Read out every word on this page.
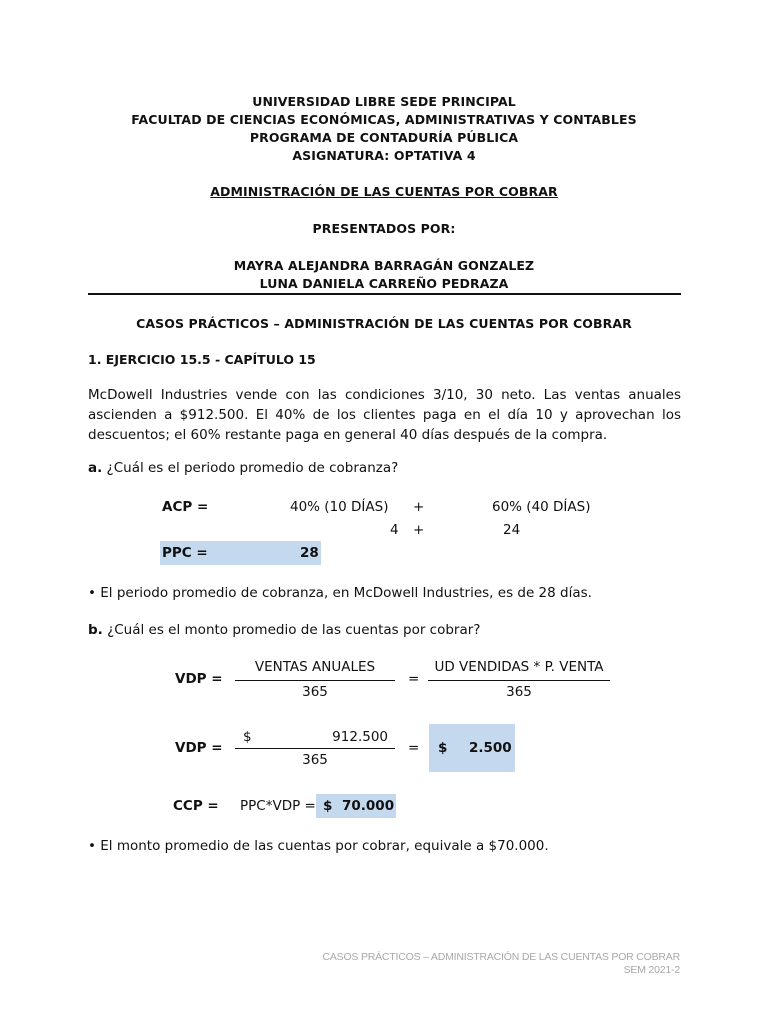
UNIVERSIDAD LIBRE SEDE PRINCIPAL
FACULTAD DE CIENCIAS ECONÓMICAS, ADMINISTRATIVAS Y CONTABLES
PROGRAMA DE CONTADURÍA PÚBLICA
ASIGNATURA: OPTATIVA 4
ADMINISTRACIÓN DE LAS CUENTAS POR COBRAR
PRESENTADOS POR:
MAYRA ALEJANDRA BARRAGÁN GONZALEZ
LUNA DANIELA CARREÑO PEDRAZA
CASOS PRÁCTICOS – ADMINISTRACIÓN DE LAS CUENTAS POR COBRAR
1. EJERCICIO 15.5 - CAPÍTULO 15
McDowell Industries vende con las condiciones 3/10, 30 neto. Las ventas anuales ascienden a $912.500. El 40% de los clientes paga en el día 10 y aprovechan los descuentos; el 60% restante paga en general 40 días después de la compra.
a. ¿Cuál es el periodo promedio de cobranza?
ACP =	40% (10 DÍAS) +	60% (40 DÍAS)
4 +	24
PPC =	28
• El periodo promedio de cobranza, en McDowell Industries, es de 28 días.
b. ¿Cuál es el monto promedio de las cuentas por cobrar?
VDP =
VENTAS ANUALES
365
=
UD VENDIDAS * P. VENTA
365
VDP =
$	912.500
365
= $ 2.500
CCP = PPC*VDP = $ 70.000
• El monto promedio de las cuentas por cobrar, equivale a $70.000.
CASOS PRÁCTICOS – ADMINISTRACIÓN DE LAS CUENTAS POR COBRAR
SEM 2021-2
